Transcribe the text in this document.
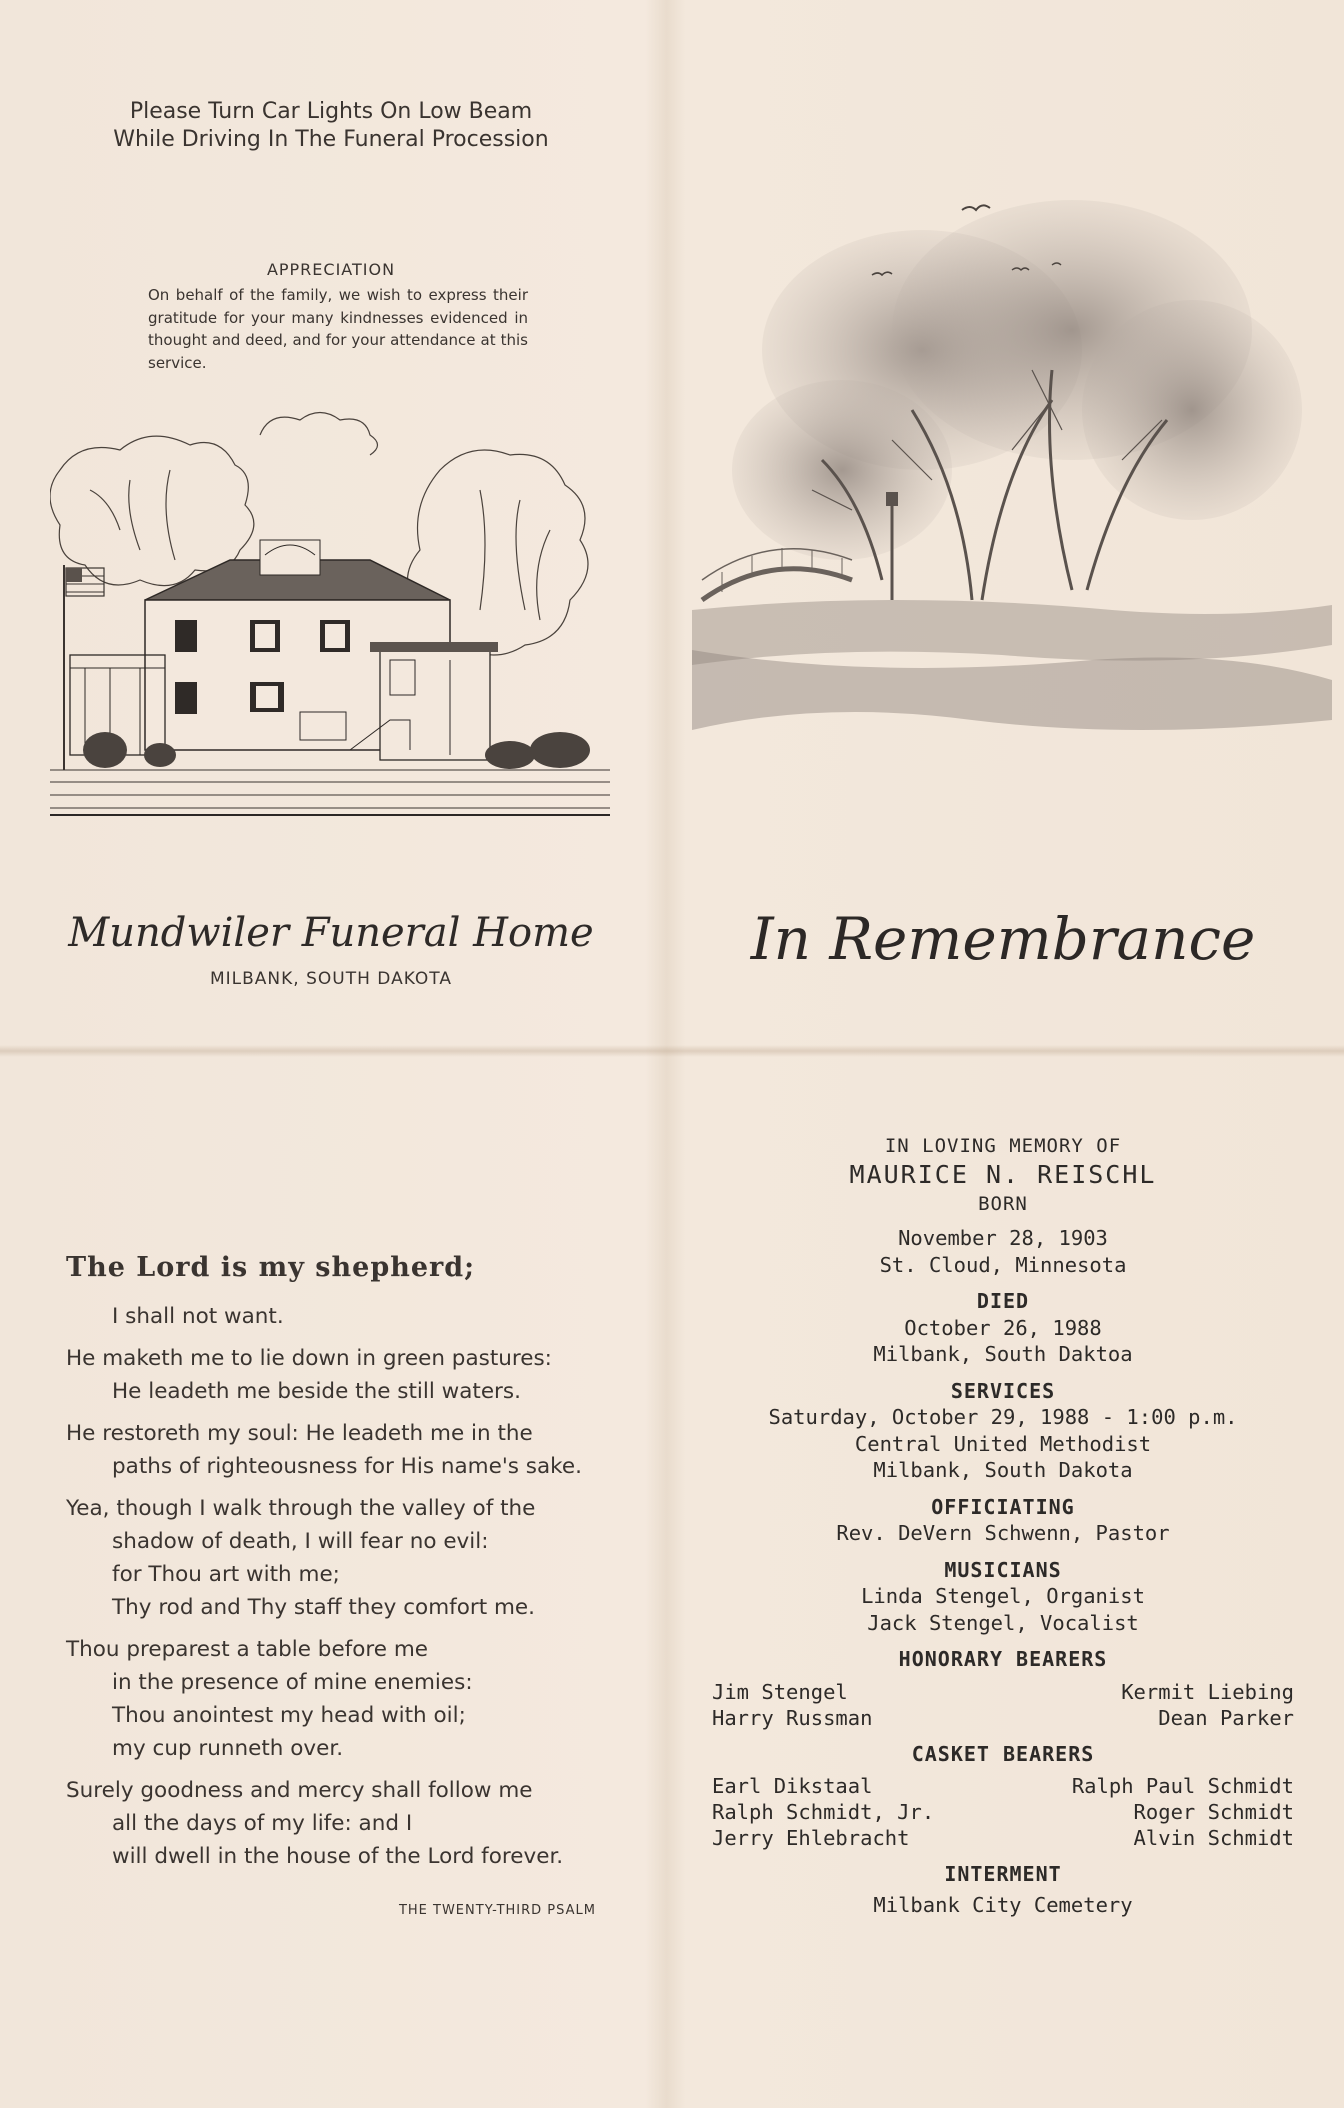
Please Turn Car Lights On Low Beam
While Driving In The Funeral Procession
APPRECIATION
On behalf of the family, we wish to express their gratitude for your many kindnesses evidenced in thought and deed, and for your attendance at this service.
Mundwiler Funeral Home
MILBANK, SOUTH DAKOTA
In Remembrance
The Lord is my shepherd;
I shall not want.
He maketh me to lie down in green pastures:
He leadeth me beside the still waters.
He restoreth my soul: He leadeth me in the
paths of righteousness for His name's sake.
Yea, though I walk through the valley of the
shadow of death, I will fear no evil:
for Thou art with me;
Thy rod and Thy staff they comfort me.
Thou preparest a table before me
in the presence of mine enemies:
Thou anointest my head with oil;
my cup runneth over.
Surely goodness and mercy shall follow me
all the days of my life: and I
will dwell in the house of the Lord forever.
THE TWENTY-THIRD PSALM
IN LOVING MEMORY OF
MAURICE N. REISCHL
BORN
November 28, 1903
St. Cloud, Minnesota
DIED
October 26, 1988
Milbank, South Daktoa
SERVICES
Saturday, October 29, 1988 - 1:00 p.m.
Central United Methodist
Milbank, South Dakota
OFFICIATING
Rev. DeVern Schwenn, Pastor
MUSICIANS
Linda Stengel, Organist
Jack Stengel, Vocalist
HONORARY BEARERS
Jim Stengel	Kermit Liebing
Harry Russman	Dean Parker
CASKET BEARERS
Earl Dikstaal	Ralph Paul Schmidt
Ralph Schmidt, Jr.	Roger Schmidt
Jerry Ehlebracht	Alvin Schmidt
INTERMENT
Milbank City Cemetery
